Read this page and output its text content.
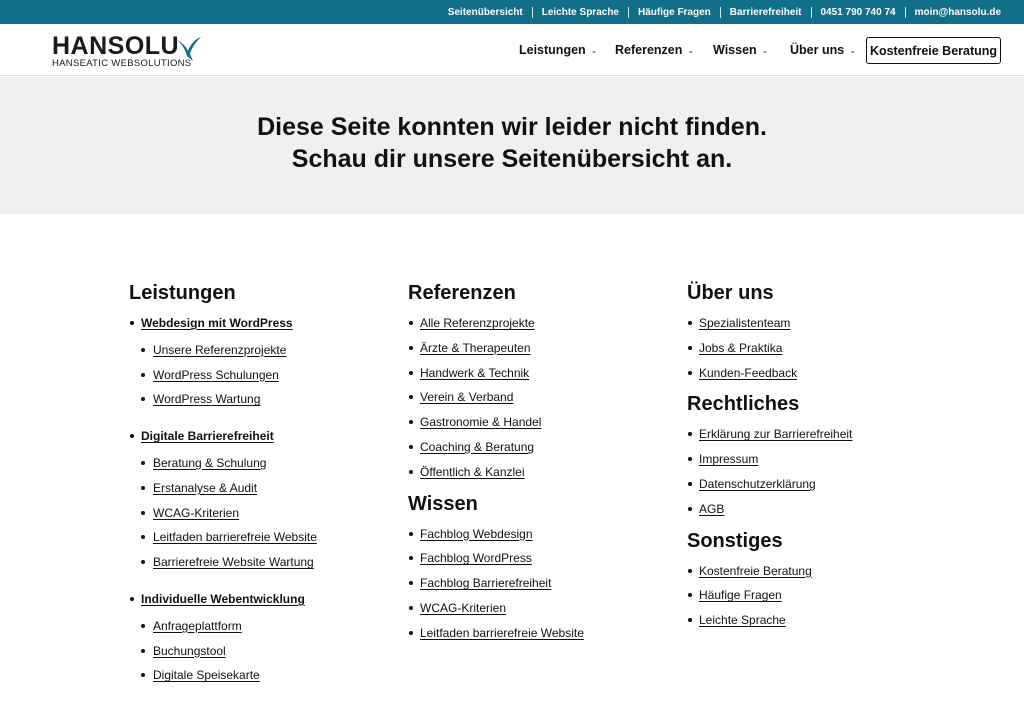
Seitenübersicht	Leichte Sprache	Häufige Fragen	Barrierefreiheit	0451 790 740 74	moin@hansolu.de
HANSOLU
HANSEATIC WEBSOLUTIONS
Leistungen ⌄ Referenzen ⌄ Wissen ⌄ Über uns ⌄	Kostenfreie Beratung
Diese Seite konnten wir leider nicht finden.
Schau dir unsere Seitenübersicht an.
Leistungen
Webdesign mit WordPress
Unsere Referenzprojekte
WordPress Schulungen
WordPress Wartung
Digitale Barrierefreiheit
Beratung & Schulung
Erstanalyse & Audit
WCAG-Kriterien
Leitfaden barrierefreie Website
Barrierefreie Website Wartung
Individuelle Webentwicklung
Anfrageplattform
Buchungstool
Digitale Speisekarte
Referenzen
Alle Referenzprojekte
Ärzte & Therapeuten
Handwerk & Technik
Verein & Verband
Gastronomie & Handel
Coaching & Beratung
Öffentlich & Kanzlei
Wissen
Fachblog Webdesign
Fachblog WordPress
Fachblog Barrierefreiheit
WCAG-Kriterien
Leitfaden barrierefreie Website
Über uns
Spezialistenteam
Jobs & Praktika
Kunden-Feedback
Rechtliches
Erklärung zur Barrierefreiheit
Impressum
Datenschutzerklärung
AGB
Sonstiges
Kostenfreie Beratung
Häufige Fragen
Leichte Sprache
